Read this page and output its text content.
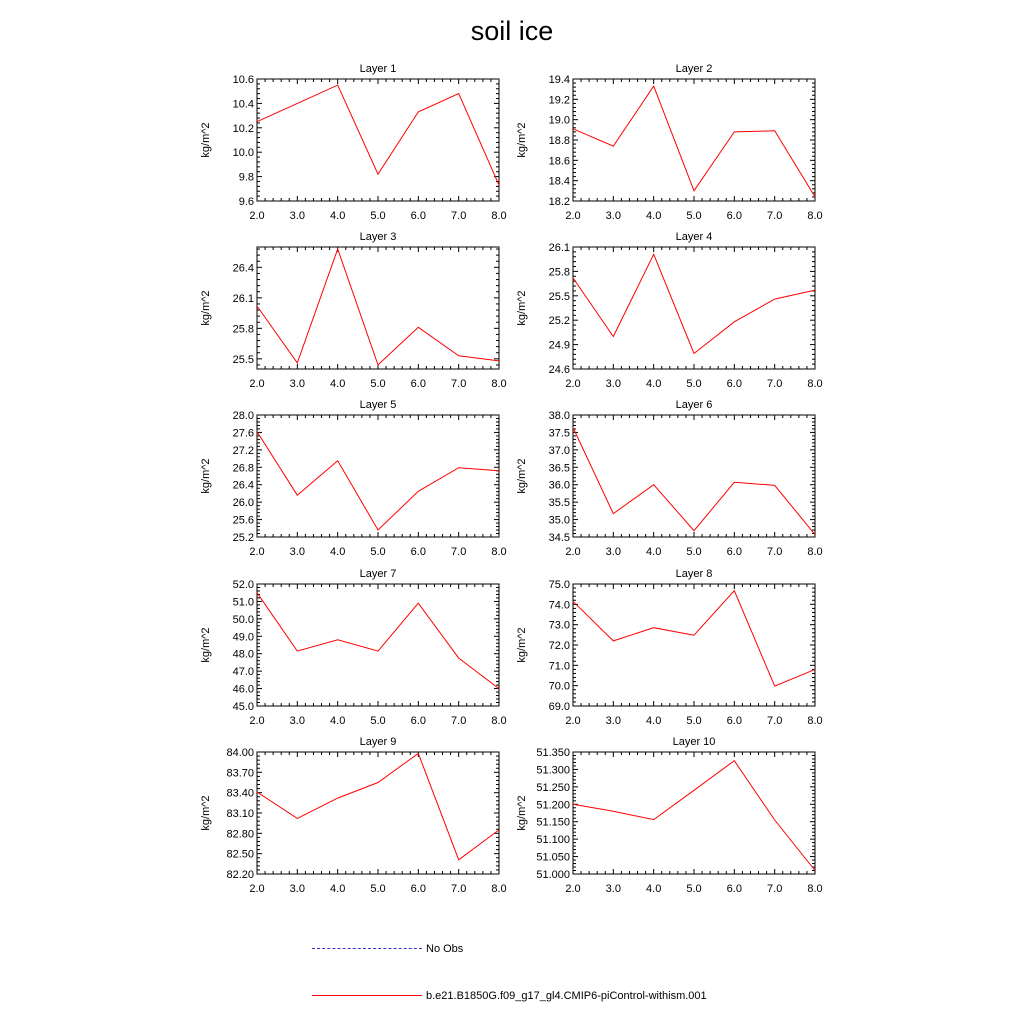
soil ice
Layer 1
kg/m^2
2.0 3.0 4.0 5.0 6.0 7.0 8.0
9.6
9.8
10.0
10.2
10.4
10.6
Layer 2
kg/m^2
2.0 3.0 4.0 5.0 6.0 7.0 8.0
18.2
18.4
18.6
18.8
19.0
19.2
19.4
Layer 3
kg/m^2
2.0 3.0 4.0 5.0 6.0 7.0 8.0
25.5
25.8
26.1
26.4
Layer 4
kg/m^2
2.0 3.0 4.0 5.0 6.0 7.0 8.0
24.6
24.9
25.2
25.5
25.8
26.1
Layer 5
kg/m^2
2.0 3.0 4.0 5.0 6.0 7.0 8.0
25.2
25.6
26.0
26.4
26.8
27.2
27.6
28.0
Layer 6
kg/m^2
2.0 3.0 4.0 5.0 6.0 7.0 8.0
34.5
35.0
35.5
36.0
36.5
37.0
37.5
38.0
Layer 7
kg/m^2
2.0 3.0 4.0 5.0 6.0 7.0 8.0
45.0
46.0
47.0
48.0
49.0
50.0
51.0
52.0
Layer 8
kg/m^2
2.0 3.0 4.0 5.0 6.0 7.0 8.0
69.0
70.0
71.0
72.0
73.0
74.0
75.0
Layer 9
kg/m^2
2.0 3.0 4.0 5.0 6.0 7.0 8.0
82.20
82.50
82.80
83.10
83.40
83.70
84.00
Layer 10
kg/m^2
2.0 3.0 4.0 5.0 6.0 7.0 8.0
51.000
51.050
51.100
51.150
51.200
51.250
51.300
51.350
No Obs
b.e21.B1850G.f09_g17_gl4.CMIP6-piControl-withism.001
